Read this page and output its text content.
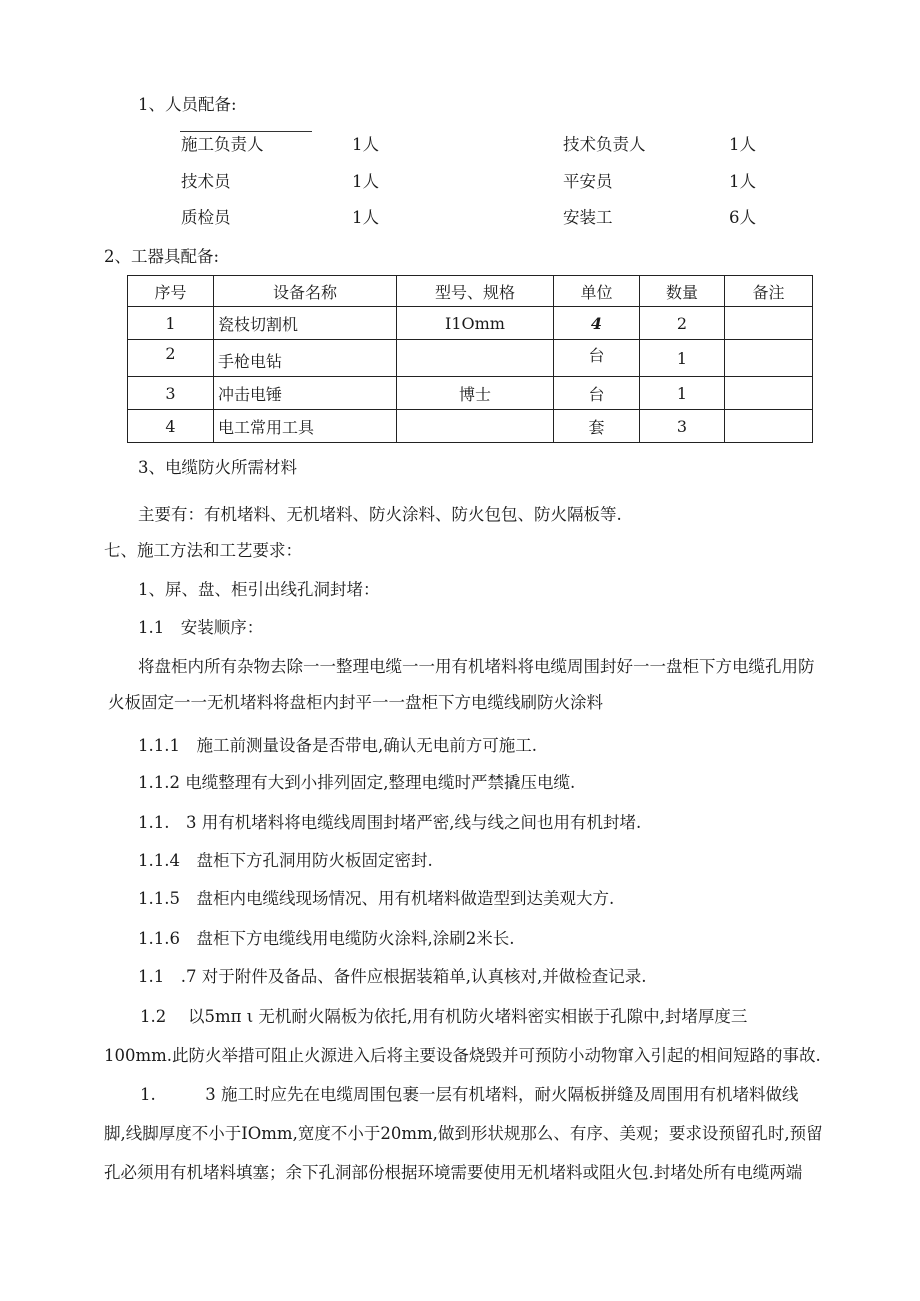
1、人员配备:
施工负责人	1人	技术负责人	1人
技术员	1人	平安员	1人
质检员	1人	安装工	6人
2、工器具配备:
序号	设备名称	型号、规格	单位	数量	备注
1	瓷枝切割机	I1Omm	4	2	
2	手枪电钻		台	1	
3	冲击电锤	博士	台	1	
4	电工常用工具		套	3	
3、电缆防火所需材料
主要有：有机堵料、无机堵料、防火涂料、防火包包、防火隔板等.
七、施工方法和工艺要求：
1、屏、盘、柜引出线孔洞封堵：
1.1　安装顺序：
将盘柜内所有杂物去除一一整理电缆一一用有机堵料将电缆周围封好一一盘柜下方电缆孔用防
火板固定一一无机堵料将盘柜内封平一一盘柜下方电缆线刷防火涂料
1.1.1　施工前测量设备是否带电,确认无电前方可施工.
1.1.2 电缆整理有大到小排列固定,整理电缆时严禁撬压电缆.
1.1.　3 用有机堵料将电缆线周围封堵严密,线与线之间也用有机封堵.
1.1.4　盘柜下方孔洞用防火板固定密封.
1.1.5　盘柜内电缆线现场情况、用有机堵料做造型到达美观大方.
1.1.6　盘柜下方电缆线用电缆防火涂料,涂刷2米长.
1.1　.7 对于附件及备品、备件应根据装箱单,认真核对,并做检查记录.
1.2　 以5mπ ι 无机耐火隔板为依托,用有机防火堵料密实相嵌于孔隙中,封堵厚度三
100mm.此防火举措可阻止火源进入后将主要设备烧毁并可预防小动物窜入引起的相间短路的事故.
1.　　　3 施工时应先在电缆周围包裹一层有机堵料，耐火隔板拼缝及周围用有机堵料做线
脚,线脚厚度不小于IOmm,宽度不小于20mm,做到形状规那么、有序、美观；要求设预留孔时,预留
孔必须用有机堵料填塞；余下孔洞部份根据环境需要使用无机堵料或阻火包.封堵处所有电缆两端
